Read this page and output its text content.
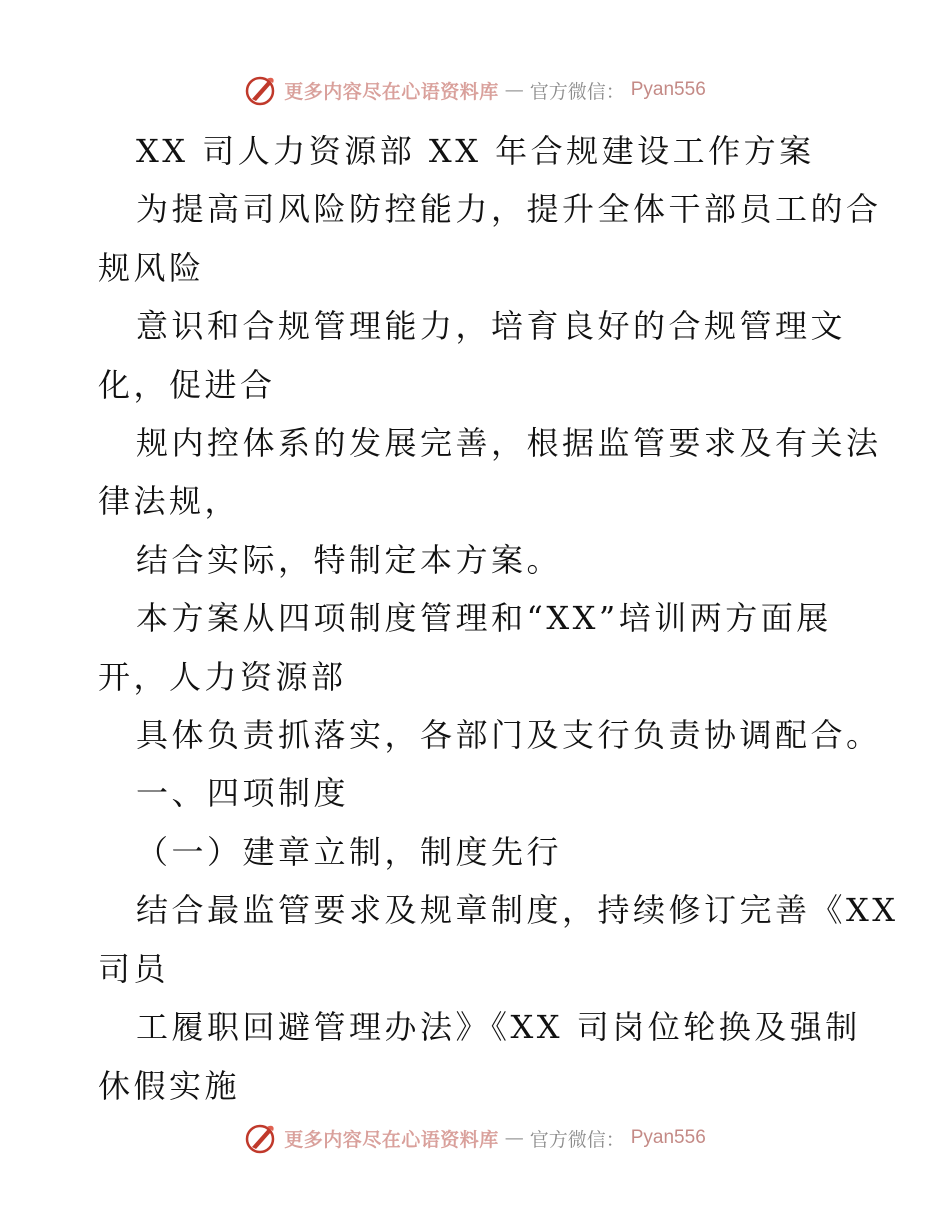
更多内容尽在心语资料库 — 官方微信： Pyan556

XX 司人力资源部 XX 年合规建设工作方案

为提高司风险防控能力，提升全体干部员工的合

规风险

意识和合规管理能力，培育良好的合规管理文

化，促进合

规内控体系的发展完善，根据监管要求及有关法

律法规，

结合实际，特制定本方案。

本方案从四项制度管理和“XX”培训两方面展

开，人力资源部

具体负责抓落实，各部门及支行负责协调配合。

一、四项制度

（一）建章立制，制度先行

结合最监管要求及规章制度，持续修订完善《XX

司员

工履职回避管理办法》《XX 司岗位轮换及强制

休假实施

更多内容尽在心语资料库 — 官方微信： Pyan556
